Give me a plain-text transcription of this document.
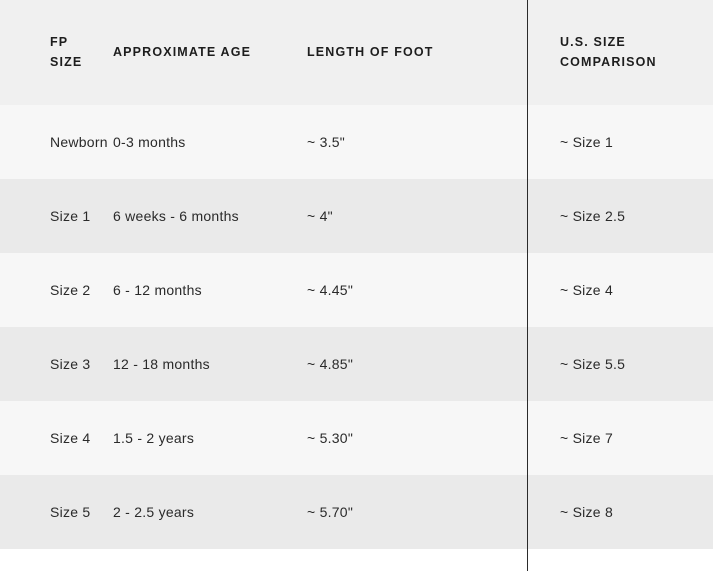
FP SIZE	APPROXIMATE AGE	LENGTH OF FOOT	U.S. SIZE COMPARISON

Newborn	0-3 months	~ 3.5"	~ Size 1

Size 1	6 weeks - 6 months	~ 4"	~ Size 2.5

Size 2	6 - 12 months	~ 4.45"	~ Size 4

Size 3	12 - 18 months	~ 4.85"	~ Size 5.5

Size 4	1.5 - 2 years	~ 5.30"	~ Size 7

Size 5	2 - 2.5 years	~ 5.70"	~ Size 8
